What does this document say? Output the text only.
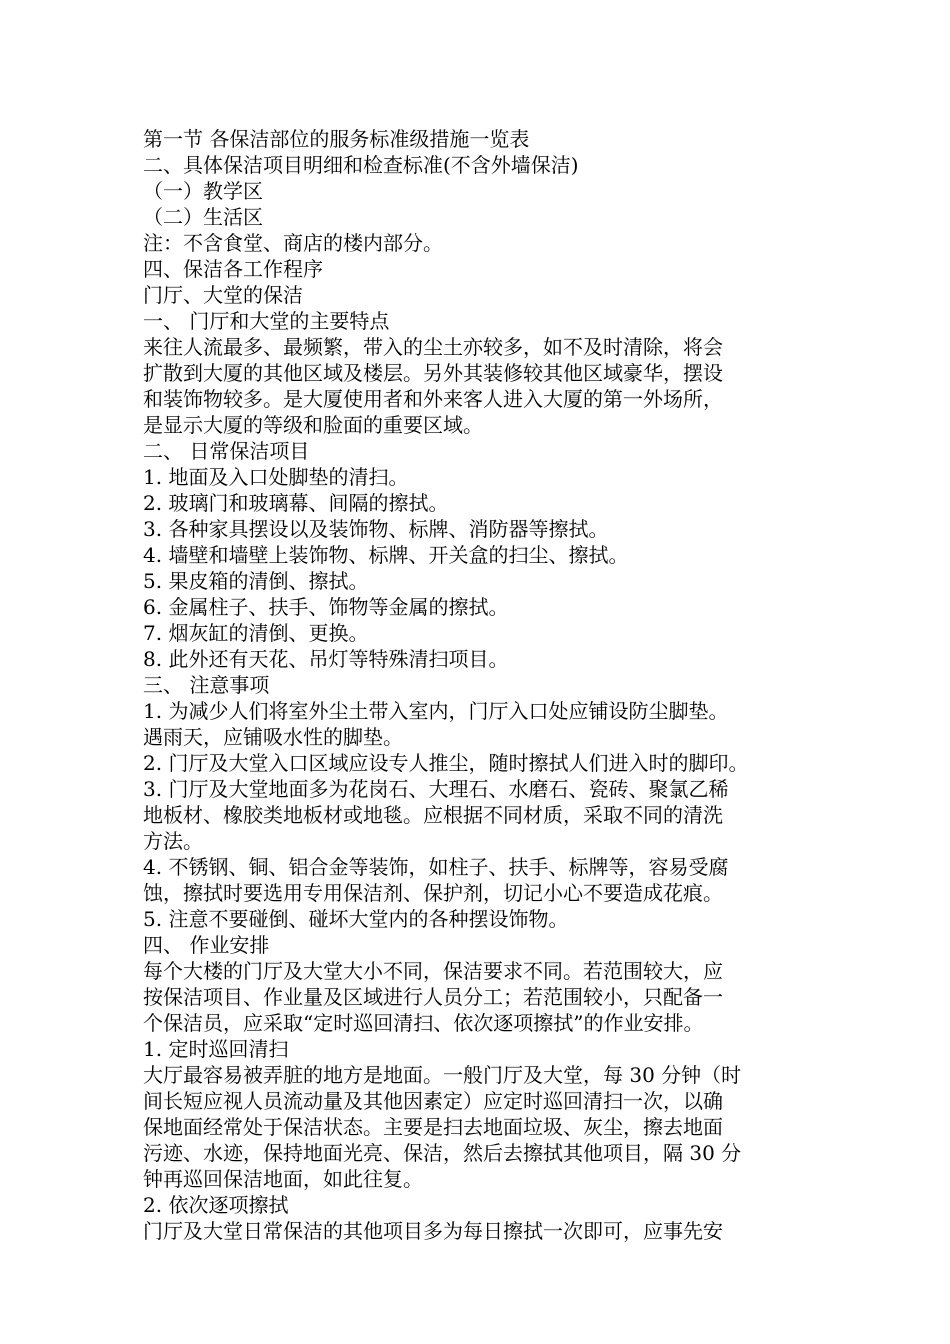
第一节 各保洁部位的服务标准级措施一览表
二、具体保洁项目明细和检查标准(不含外墙保洁)
（一）教学区
（二）生活区
注：不含食堂、商店的楼内部分。
四、保洁各工作程序
门厅、大堂的保洁
一、 门厅和大堂的主要特点
来往人流最多、最频繁，带入的尘土亦较多，如不及时清除，将会
扩散到大厦的其他区域及楼层。另外其装修较其他区域豪华，摆设
和装饰物较多。是大厦使用者和外来客人进入大厦的第一外场所，
是显示大厦的等级和脸面的重要区域。
二、 日常保洁项目
1. 地面及入口处脚垫的清扫。
2. 玻璃门和玻璃幕、间隔的擦拭。
3. 各种家具摆设以及装饰物、标牌、消防器等擦拭。
4. 墙壁和墙壁上装饰物、标牌、开关盒的扫尘、擦拭。
5. 果皮箱的清倒、擦拭。
6. 金属柱子、扶手、饰物等金属的擦拭。
7. 烟灰缸的清倒、更换。
8. 此外还有天花、吊灯等特殊清扫项目。
三、 注意事项
1. 为减少人们将室外尘土带入室内，门厅入口处应铺设防尘脚垫。
遇雨天，应铺吸水性的脚垫。
2. 门厅及大堂入口区域应设专人推尘，随时擦拭人们进入时的脚印。
3. 门厅及大堂地面多为花岗石、大理石、水磨石、瓷砖、聚氯乙稀
地板材、橡胶类地板材或地毯。应根据不同材质，采取不同的清洗
方法。
4. 不锈钢、铜、铝合金等装饰，如柱子、扶手、标牌等，容易受腐
蚀，擦拭时要选用专用保洁剂、保护剂，切记小心不要造成花痕。
5. 注意不要碰倒、碰坏大堂内的各种摆设饰物。
四、 作业安排
每个大楼的门厅及大堂大小不同，保洁要求不同。若范围较大，应
按保洁项目、作业量及区域进行人员分工；若范围较小，只配备一
个保洁员，应采取“定时巡回清扫、依次逐项擦拭”的作业安排。
1. 定时巡回清扫
大厅最容易被弄脏的地方是地面。一般门厅及大堂，每 30 分钟（时
间长短应视人员流动量及其他因素定）应定时巡回清扫一次，以确
保地面经常处于保洁状态。主要是扫去地面垃圾、灰尘，擦去地面
污迹、水迹，保持地面光亮、保洁，然后去擦拭其他项目，隔 30 分
钟再巡回保洁地面，如此往复。
2. 依次逐项擦拭
门厅及大堂日常保洁的其他项目多为每日擦拭一次即可，应事先安
